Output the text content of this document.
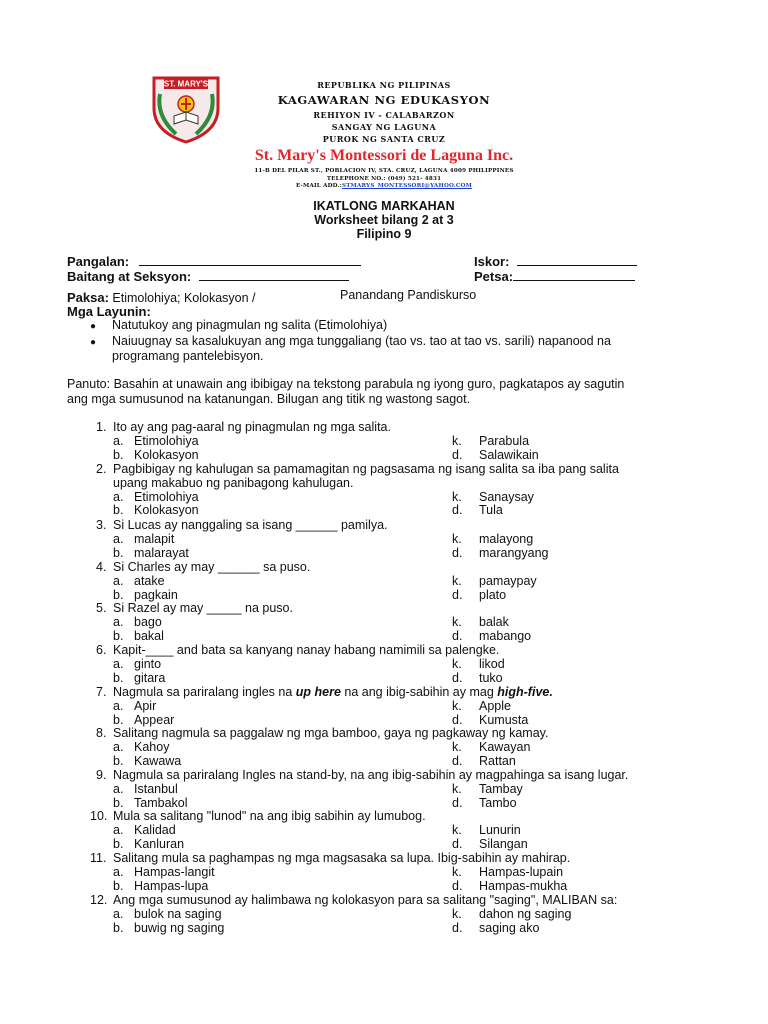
ST. MARY'S	REPUBLIKA NG PILIPINAS
KAGAWARAN NG EDUKASYON
REHIYON IV - CALABARZON
SANGAY NG LAGUNA
PUROK NG SANTA CRUZ
St. Mary's Montessori de Laguna Inc.
11-B DEL PILAR ST., POBLACION IV, STA. CRUZ, LAGUNA 4009 PHILIPPINES
TELEPHONE NO.: (049) 521- 4831
E-MAIL ADD.:STMARYS_MONTESSORI@YAHOO.COM
IKATLONG MARKAHAN
Worksheet bilang 2 at 3
Filipino 9
Pangalan:	Iskor:
Baitang at Seksyon:	Petsa:
Paksa: Etimolohiya; Kolokasyon /	Panandang Pandiskurso
Mga Layunin:
● Natutukoy ang pinagmulan ng salita (Etimolohiya)
● Naiuugnay sa kasalukuyan ang mga tunggaliang (tao vs. tao at tao vs. sarili) napanood na
programang pantelebisyon.
Panuto: Basahin at unawain ang ibibigay na tekstong parabula ng iyong guro, pagkatapos ay sagutin
ang mga sumusunod na katanungan. Bilugan ang titik ng wastong sagot.
1. Ito ay ang pag-aaral ng pinagmulan ng mga salita.
a. Etimolohiya	k. Parabula
b. Kolokasyon	d. Salawikain
2. Pagbibigay ng kahulugan sa pamamagitan ng pagsasama ng isang salita sa iba pang salita
upang makabuo ng panibagong kahulugan.
a. Etimolohiya	k. Sanaysay
b. Kolokasyon	d. Tula
3. Si Lucas ay nanggaling sa isang ______ pamilya.
a. malapit	k. malayong
b. malarayat	d. marangyang
4. Si Charles ay may ______ sa puso.
a. atake	k. pamaypay
b. pagkain	d. plato
5. Si Razel ay may _____ na puso.
a. bago	k. balak
b. bakal	d. mabango
6. Kapit-____ and bata sa kanyang nanay habang namimili sa palengke.
a. ginto	k. likod
b. gitara	d. tuko
7. Nagmula sa pariralang ingles na up here na ang ibig-sabihin ay mag high-five.
a. Apir	k. Apple
b. Appear	d. Kumusta
8. Salitang nagmula sa paggalaw ng mga bamboo, gaya ng pagkaway ng kamay.
a. Kahoy	k. Kawayan
b. Kawawa	d. Rattan
9. Nagmula sa pariralang Ingles na stand-by, na ang ibig-sabihin ay magpahinga sa isang lugar.
a. Istanbul	k. Tambay
b. Tambakol	d. Tambo
10. Mula sa salitang "lunod" na ang ibig sabihin ay lumubog.
a. Kalidad	k. Lunurin
b. Kanluran	d. Silangan
11. Salitang mula sa paghampas ng mga magsasaka sa lupa. Ibig-sabihin ay mahirap.
a. Hampas-langit	k. Hampas-lupain
b. Hampas-lupa	d. Hampas-mukha
12. Ang mga sumusunod ay halimbawa ng kolokasyon para sa salitang "saging", MALIBAN sa:
a. bulok na saging	k. dahon ng saging
b. buwig ng saging	d. saging ako
